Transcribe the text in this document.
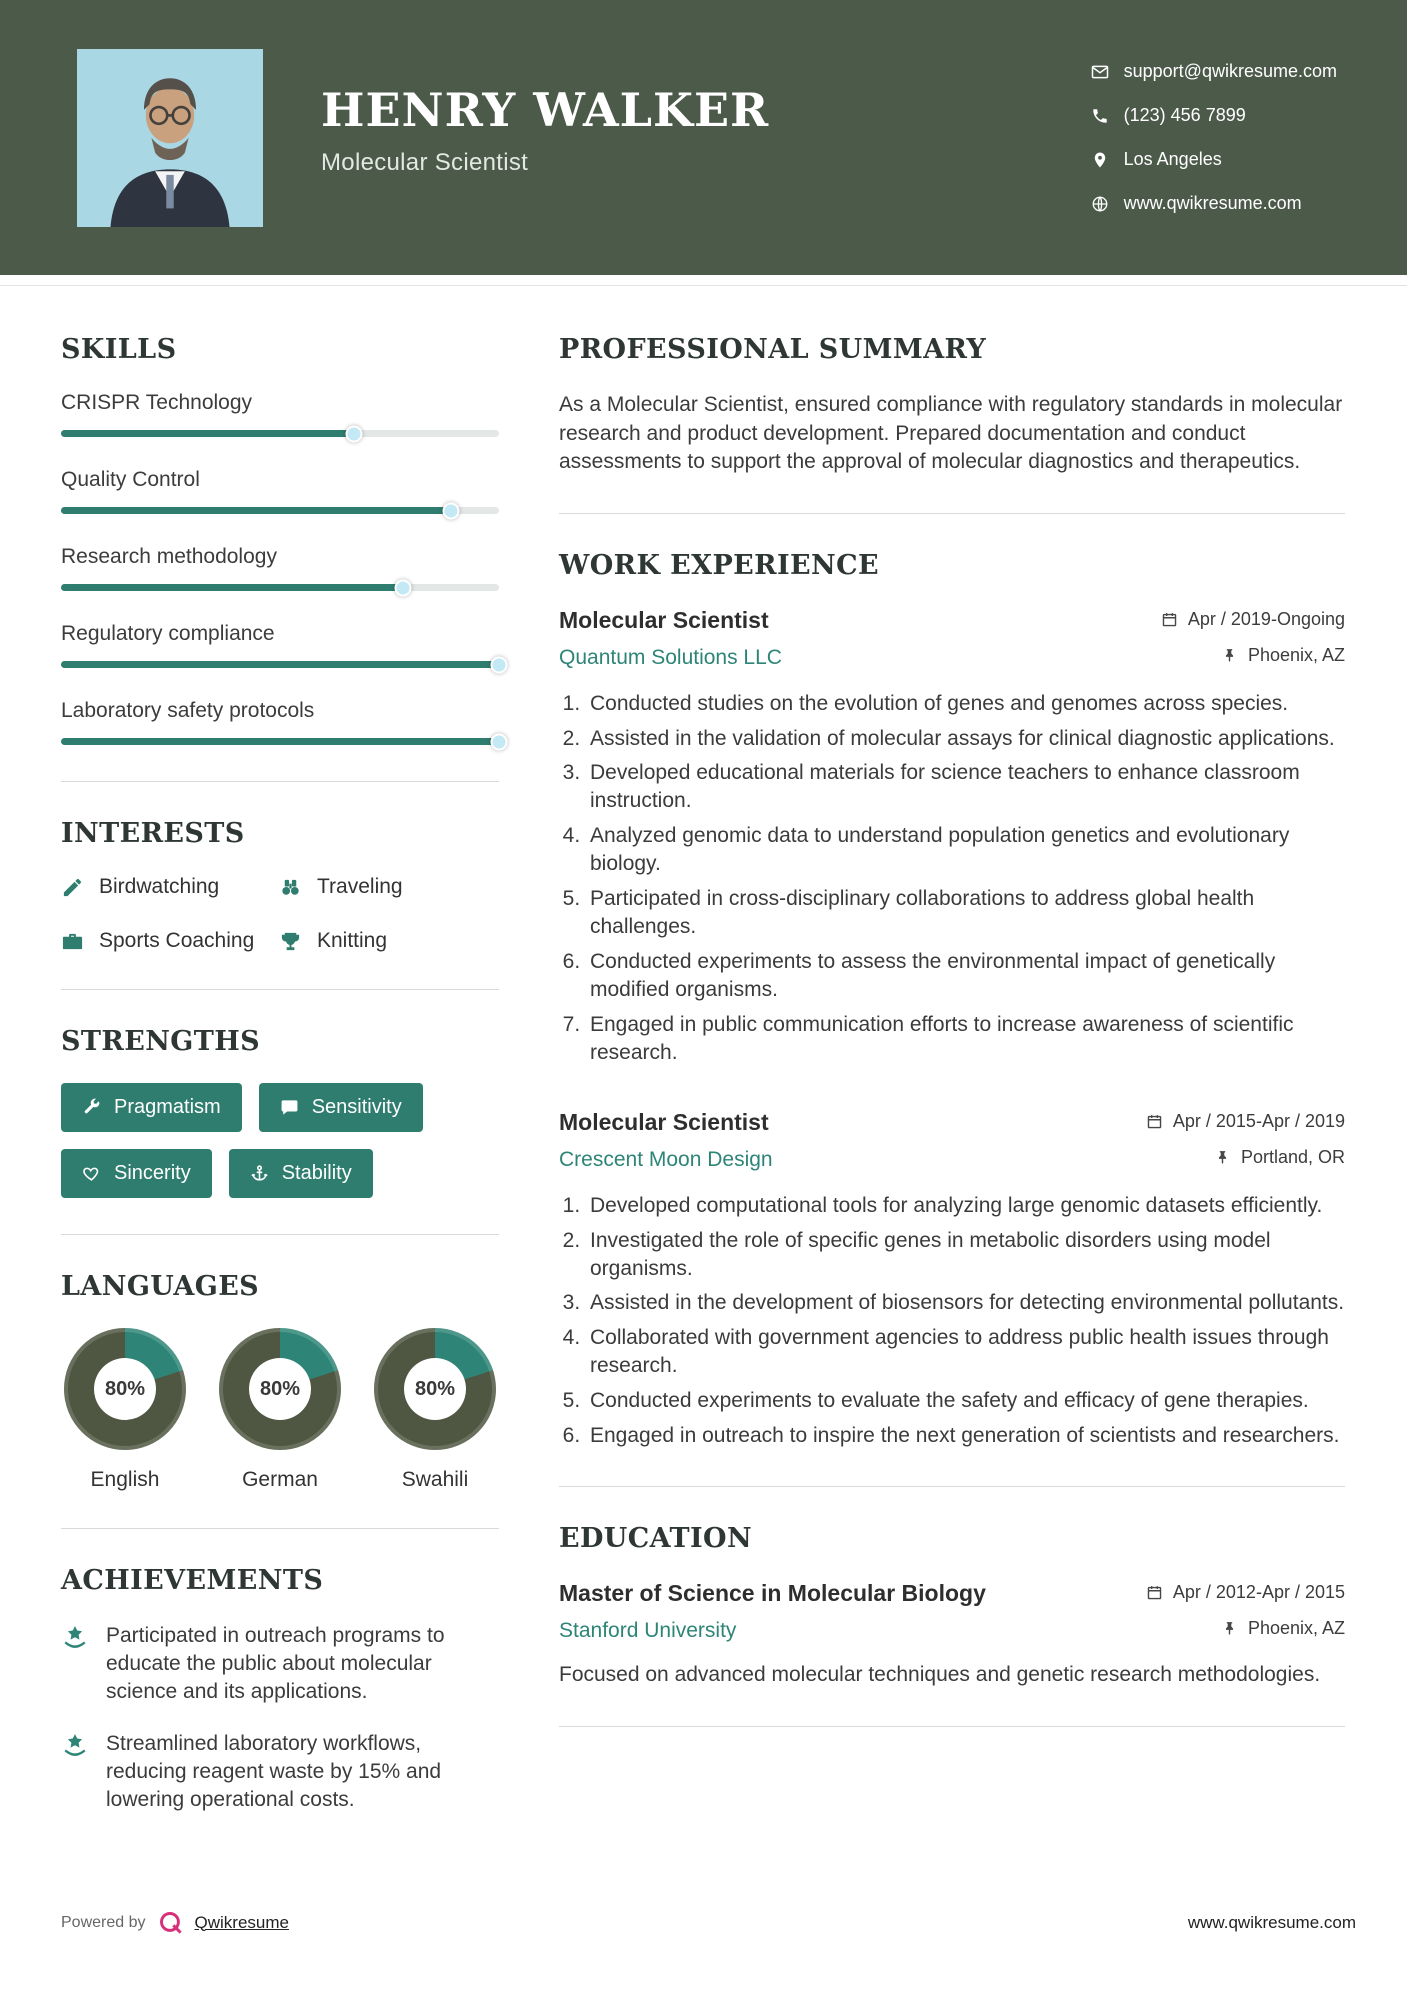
HENRY WALKER
Molecular Scientist
support@qwikresume.com
(123) 456 7899
Los Angeles
www.qwikresume.com
SKILLS
CRISPR Technology
Quality Control
Research methodology
Regulatory compliance
Laboratory safety protocols
INTERESTS
Birdwatching	Traveling
Sports Coaching	Knitting
STRENGTHS
Pragmatism	Sensitivity
Sincerity	Stability
LANGUAGES
80%
English
80%
German
80%
Swahili
ACHIEVEMENTS
Participated in outreach programs to educate the public about molecular science and its applications.
Streamlined laboratory workflows, reducing reagent waste by 15% and lowering operational costs.
PROFESSIONAL SUMMARY

As a Molecular Scientist, ensured compliance with regulatory standards in molecular research and product development. Prepared documentation and conduct assessments to support the approval of molecular diagnostics and therapeutics.

WORK EXPERIENCE
Molecular Scientist	Apr / 2019-Ongoing
Quantum Solutions LLC	Phoenix, AZ
1. Conducted studies on the evolution of genes and genomes across species.
2. Assisted in the validation of molecular assays for clinical diagnostic applications.
3. Developed educational materials for science teachers to enhance classroom instruction.
4. Analyzed genomic data to understand population genetics and evolutionary biology.
5. Participated in cross-disciplinary collaborations to address global health challenges.
6. Conducted experiments to assess the environmental impact of genetically modified organisms.
7. Engaged in public communication efforts to increase awareness of scientific research.
Molecular Scientist	Apr / 2015-Apr / 2019
Crescent Moon Design	Portland, OR
1. Developed computational tools for analyzing large genomic datasets efficiently.
2. Investigated the role of specific genes in metabolic disorders using model organisms.
3. Assisted in the development of biosensors for detecting environmental pollutants.
4. Collaborated with government agencies to address public health issues through research.
5. Conducted experiments to evaluate the safety and efficacy of gene therapies.
6. Engaged in outreach to inspire the next generation of scientists and researchers.
EDUCATION
Master of Science in Molecular Biology	Apr / 2012-Apr / 2015
Stanford University	Phoenix, AZ

Focused on advanced molecular techniques and genetic research methodologies.

Powered by	Qwikresume	www.qwikresume.com
